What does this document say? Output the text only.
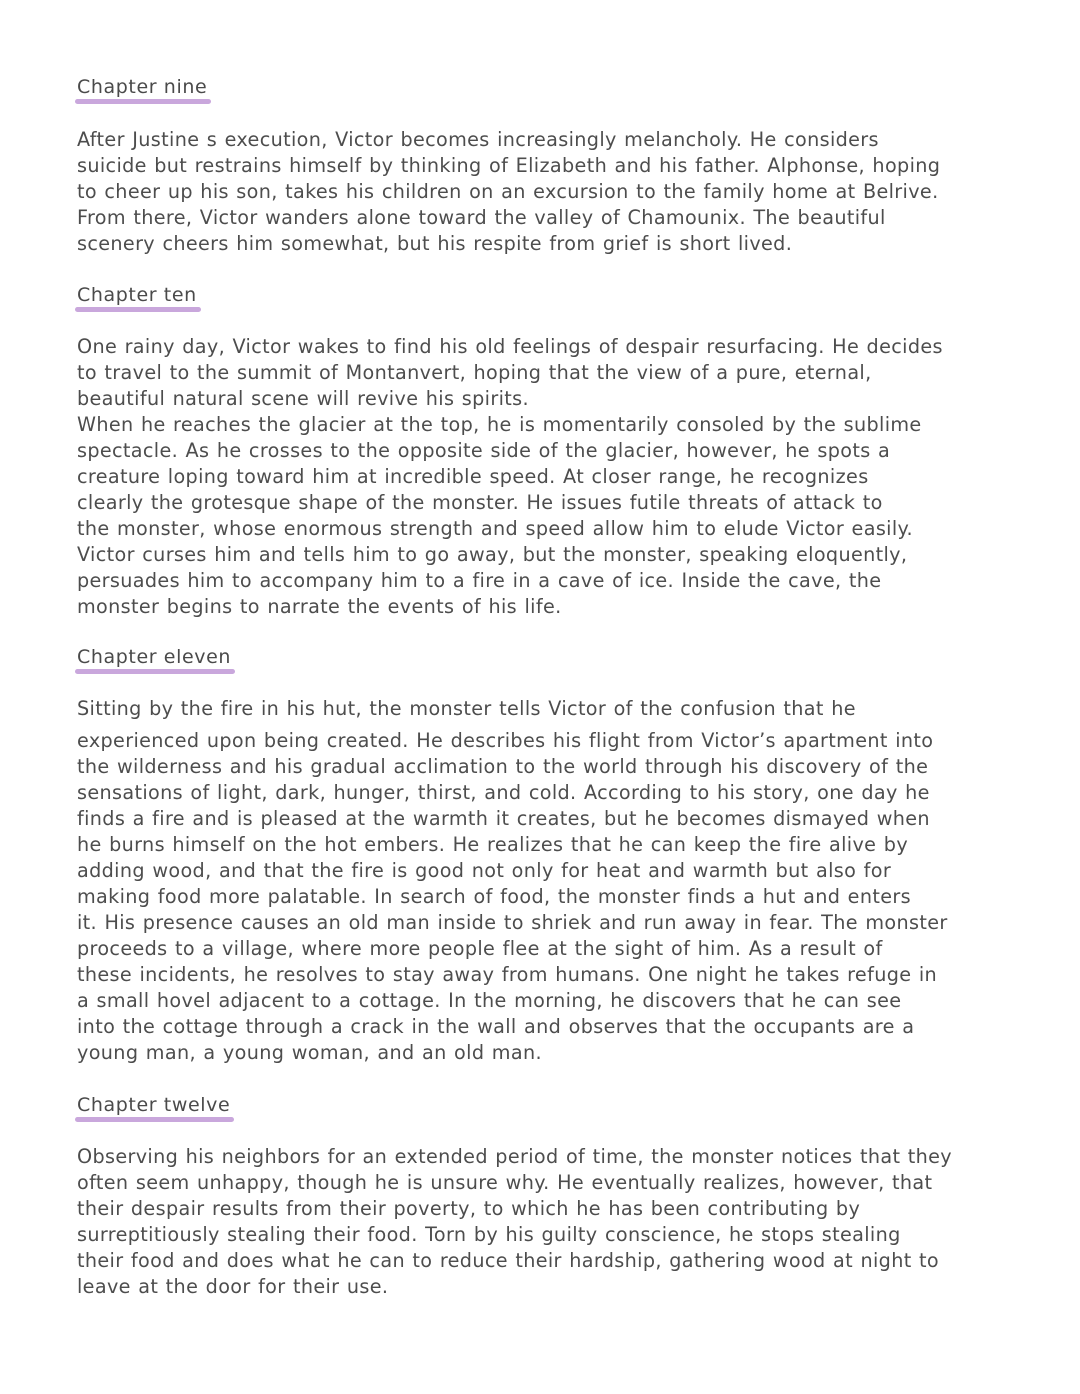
Chapter nine
After Justine s execution, Victor becomes increasingly melancholy. He considers
suicide but restrains himself by thinking of Elizabeth and his father. Alphonse, hoping
to cheer up his son, takes his children on an excursion to the family home at Belrive.
From there, Victor wanders alone toward the valley of Chamounix. The beautiful
scenery cheers him somewhat, but his respite from grief is short lived.
Chapter ten
One rainy day, Victor wakes to find his old feelings of despair resurfacing. He decides
to travel to the summit of Montanvert, hoping that the view of a pure, eternal,
beautiful natural scene will revive his spirits.
When he reaches the glacier at the top, he is momentarily consoled by the sublime
spectacle. As he crosses to the opposite side of the glacier, however, he spots a
creature loping toward him at incredible speed. At closer range, he recognizes
clearly the grotesque shape of the monster. He issues futile threats of attack to
the monster, whose enormous strength and speed allow him to elude Victor easily.
Victor curses him and tells him to go away, but the monster, speaking eloquently,
persuades him to accompany him to a fire in a cave of ice. Inside the cave, the
monster begins to narrate the events of his life.
Chapter eleven
Sitting by the fire in his hut, the monster tells Victor of the confusion that he
experienced upon being created. He describes his flight from Victor’s apartment into
the wilderness and his gradual acclimation to the world through his discovery of the
sensations of light, dark, hunger, thirst, and cold. According to his story, one day he
finds a fire and is pleased at the warmth it creates, but he becomes dismayed when
he burns himself on the hot embers. He realizes that he can keep the fire alive by
adding wood, and that the fire is good not only for heat and warmth but also for
making food more palatable. In search of food, the monster finds a hut and enters
it. His presence causes an old man inside to shriek and run away in fear. The monster
proceeds to a village, where more people flee at the sight of him. As a result of
these incidents, he resolves to stay away from humans. One night he takes refuge in
a small hovel adjacent to a cottage. In the morning, he discovers that he can see
into the cottage through a crack in the wall and observes that the occupants are a
young man, a young woman, and an old man.
Chapter twelve
Observing his neighbors for an extended period of time, the monster notices that they
often seem unhappy, though he is unsure why. He eventually realizes, however, that
their despair results from their poverty, to which he has been contributing by
surreptitiously stealing their food. Torn by his guilty conscience, he stops stealing
their food and does what he can to reduce their hardship, gathering wood at night to
leave at the door for their use.
